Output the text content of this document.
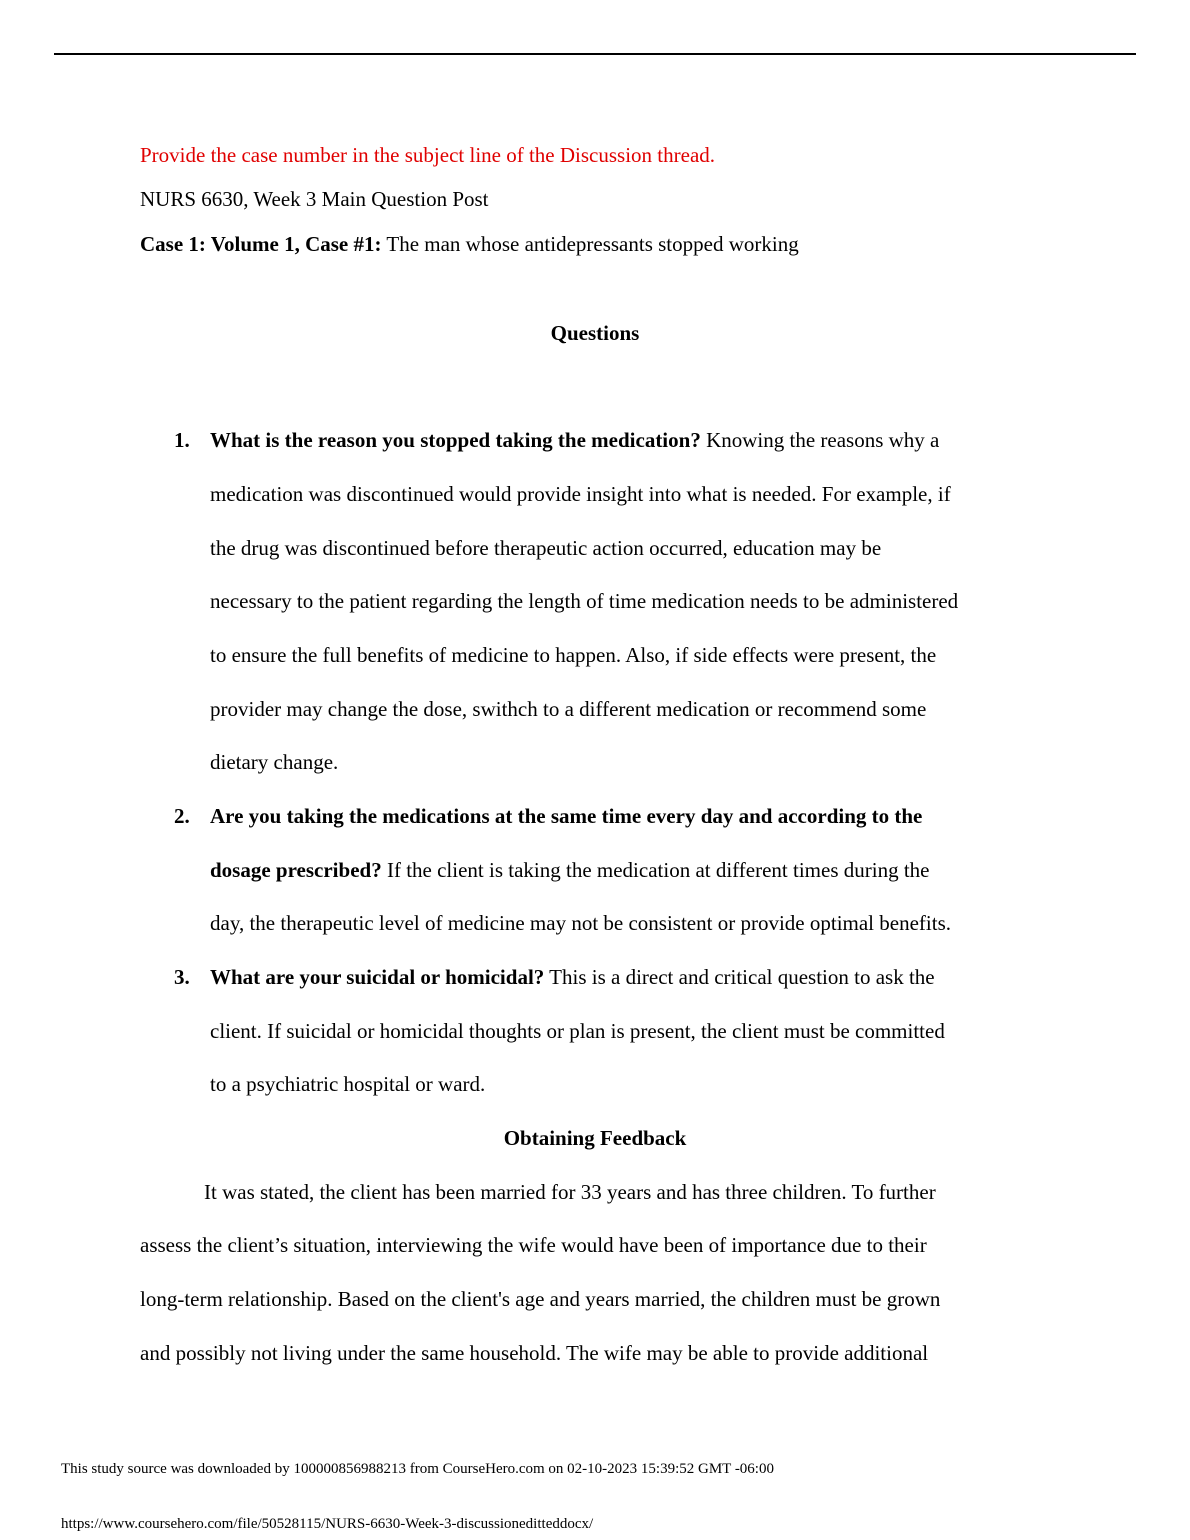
Provide the case number in the subject line of the Discussion thread.
NURS 6630, Week 3 Main Question Post
Case 1: Volume 1, Case #1: The man whose antidepressants stopped working
Questions
1. What is the reason you stopped taking the medication? Knowing the reasons why a
medication was discontinued would provide insight into what is needed. For example, if
the drug was discontinued before therapeutic action occurred, education may be
necessary to the patient regarding the length of time medication needs to be administered
to ensure the full benefits of medicine to happen. Also, if side effects were present, the
provider may change the dose, swithch to a different medication or recommend some
dietary change.
2. Are you taking the medications at the same time every day and according to the
dosage prescribed? If the client is taking the medication at different times during the
day, the therapeutic level of medicine may not be consistent or provide optimal benefits.
3. What are your suicidal or homicidal? This is a direct and critical question to ask the
client. If suicidal or homicidal thoughts or plan is present, the client must be committed
to a psychiatric hospital or ward.
Obtaining Feedback
It was stated, the client has been married for 33 years and has three children. To further
assess the client’s situation, interviewing the wife would have been of importance due to their
long-term relationship. Based on the client's age and years married, the children must be grown
and possibly not living under the same household. The wife may be able to provide additional
This study source was downloaded by 100000856988213 from CourseHero.com on 02-10-2023 15:39:52 GMT -06:00
https://www.coursehero.com/file/50528115/NURS-6630-Week-3-discussioneditteddocx/
